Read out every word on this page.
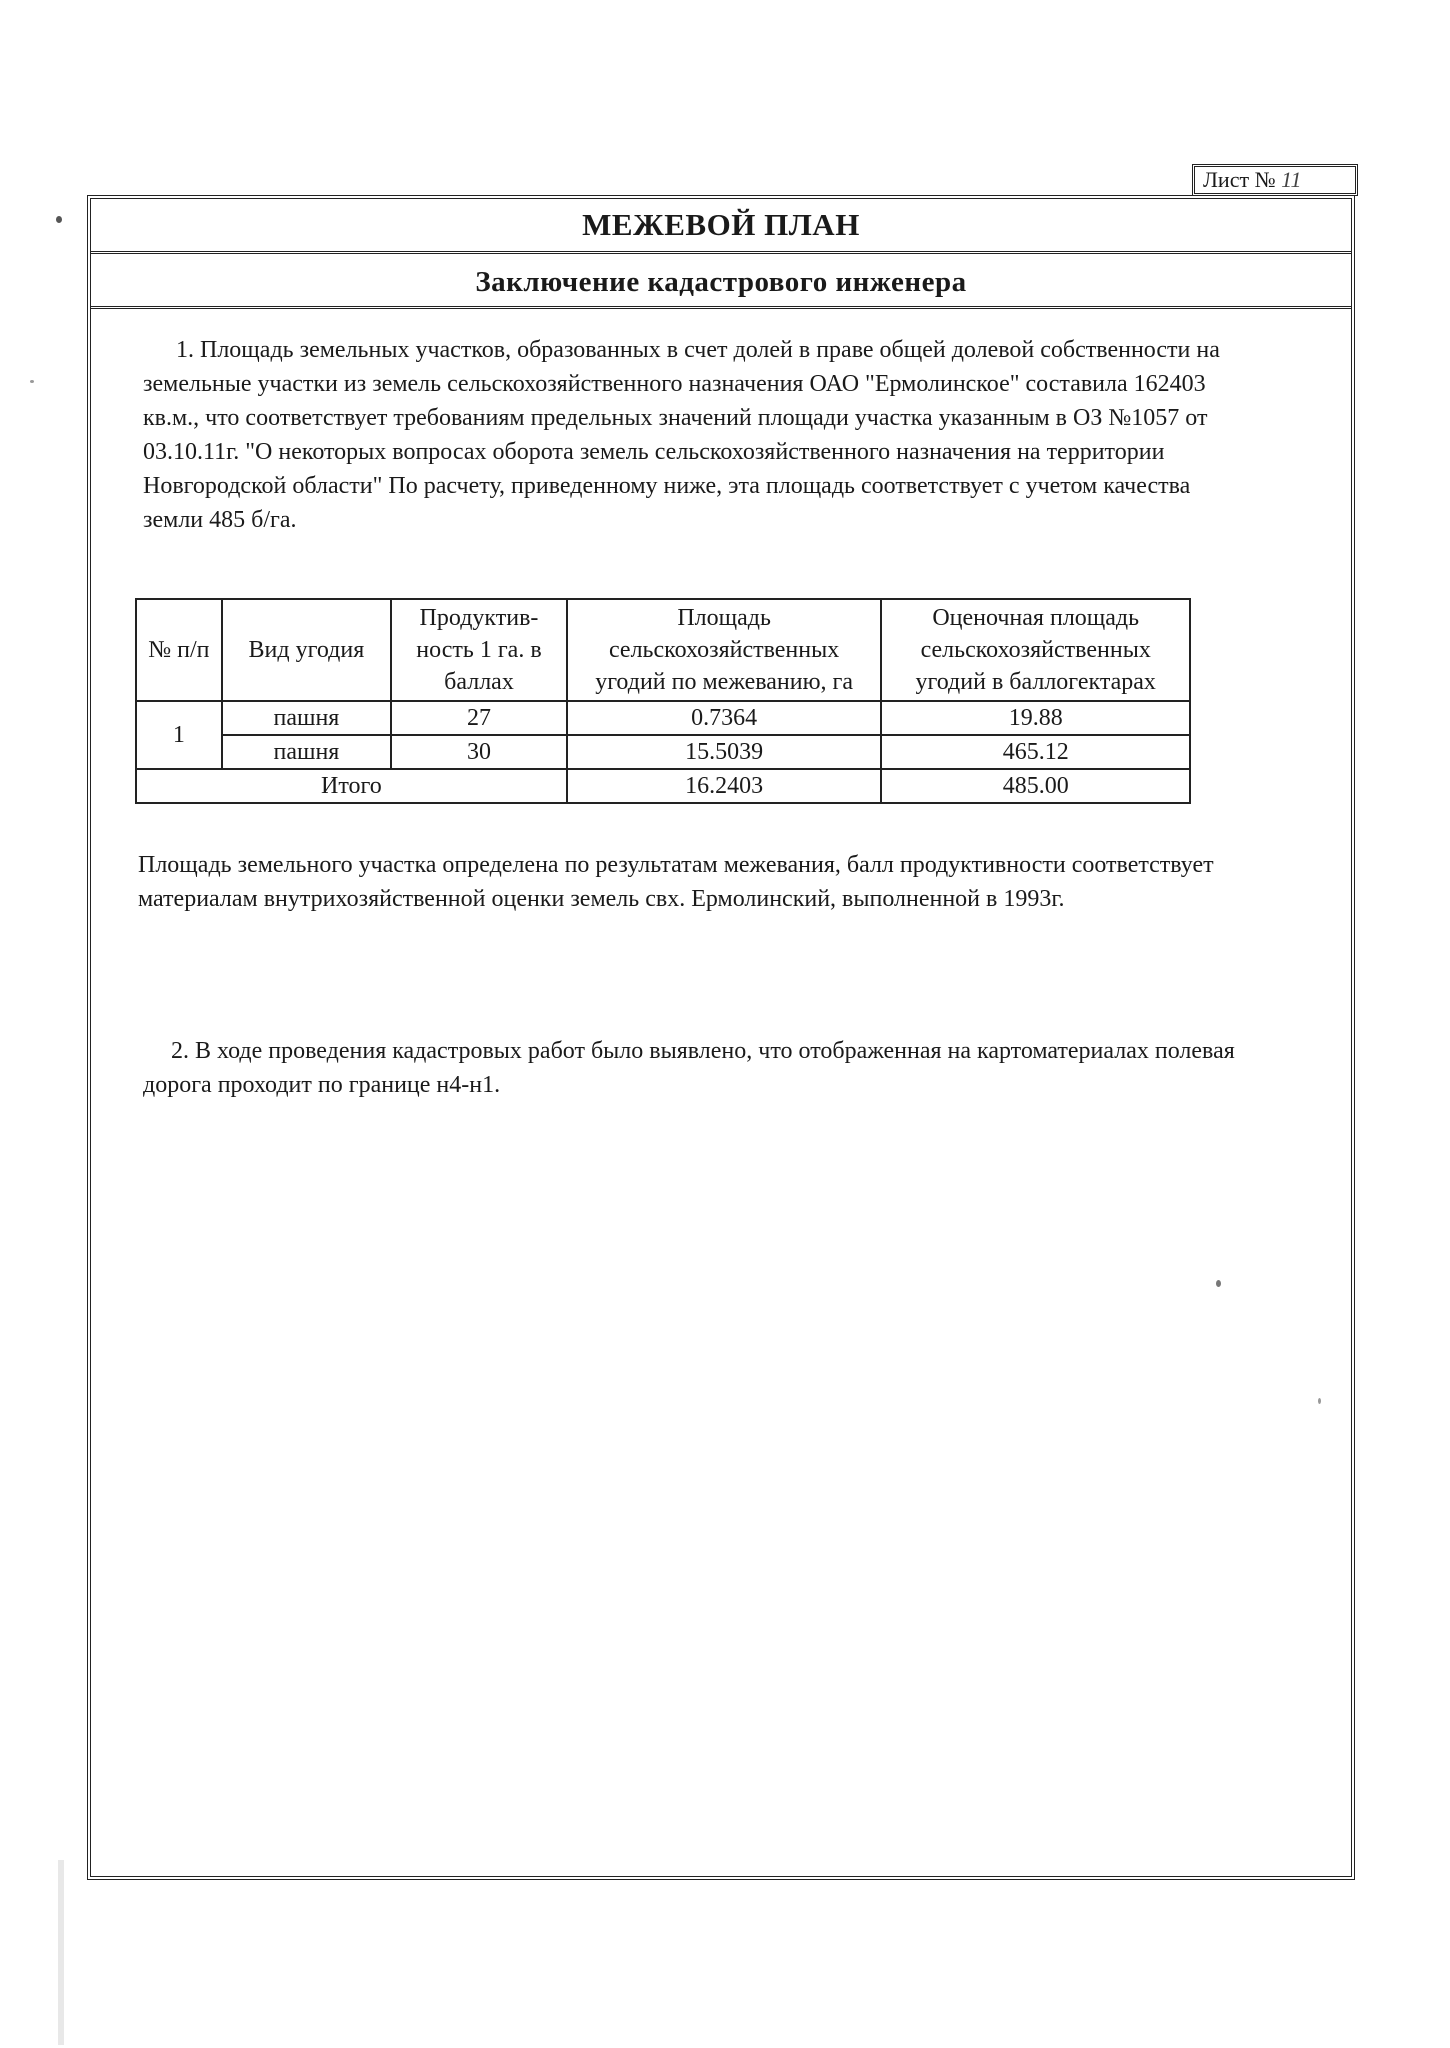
Лист № 11
МЕЖЕВОЙ ПЛАН
Заключение кадастрового инженера

1. Площадь земельных участков, образованных в счет долей в праве общей долевой собственности на земельные участки из земель сельскохозяйственного назначения ОАО "Ермолинское" составила 162403 кв.м., что соответствует требованиям предельных значений площади участка указанным в ОЗ №1057 от 03.10.11г. "О некоторых вопросах оборота земель сельскохозяйственного назначения на территории Новгородской области" По расчету, приведенному ниже, эта площадь соответствует с учетом качества земли 485 б/га.

№ п/п	Вид угодия	Продуктив-ность 1 га. в баллах	Площадь сельскохозяйственных угодий по межеванию, га	Оценочная площадь сельскохозяйственных угодий в баллогектарах
1	пашня	27	0.7364	19.88
	пашня	30	15.5039	465.12
Итого			16.2403	485.00

Площадь земельного участка определена по результатам межевания, балл продуктивности соответствует материалам внутрихозяйственной оценки земель свх. Ермолинский, выполненной в 1993г.

2. В ходе проведения кадастровых работ было выявлено, что отображенная на картоматериалах полевая дорога проходит по границе н4-н1.
